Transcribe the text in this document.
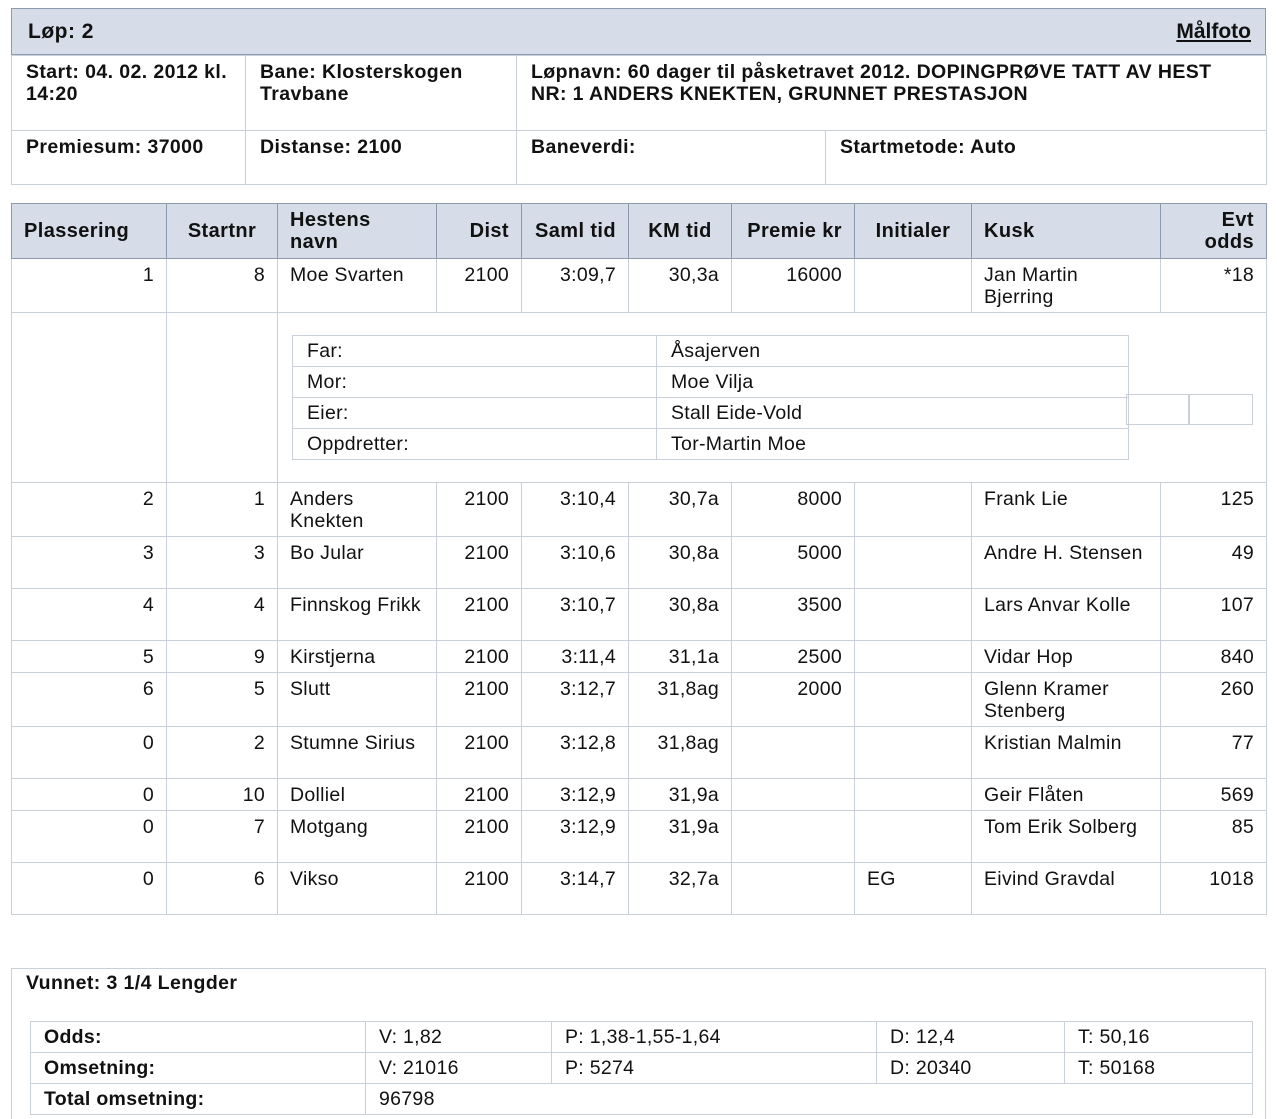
Løp: 2	Målfoto
Start: 04. 02. 2012 kl. 14:20	Bane: Klosterskogen Travbane	Løpnavn: 60 dager til påsketravet 2012. DOPINGPRØVE TATT AV HEST NR: 1 ANDERS KNEKTEN, GRUNNET PRESTASJON	
Premiesum: 37000	Distanse: 2100	Baneverdi:	Startmetode: Auto
Plassering	Startnr	Hestens navn	Dist	Saml tid	KM tid	Premie kr	Initialer	Kusk	Evt odds
1	8	Moe Svarten	2100	3:09,7	30,3a	16000		Jan Martin Bjerring	*18

Far:	Åsajerven
Mor:	Moe Vilja
Eier:	Stall Eide-Vold
Oppdretter:	Tor-Martin Moe

2	1	Anders Knekten	2100	3:10,4	30,7a	8000		Frank Lie	125
3	3	Bo Jular	2100	3:10,6	30,8a	5000		Andre H. Stensen	49
4	4	Finnskog Frikk	2100	3:10,7	30,8a	3500		Lars Anvar Kolle	107
5	9	Kirstjerna	2100	3:11,4	31,1a	2500		Vidar Hop	840
6	5	Slutt	2100	3:12,7	31,8ag	2000		Glenn Kramer Stenberg	260
0	2	Stumne Sirius	2100	3:12,8	31,8ag			Kristian Malmin	77
0	10	Dolliel	2100	3:12,9	31,9a			Geir Flåten	569
0	7	Motgang	2100	3:12,9	31,9a			Tom Erik Solberg	85
0	6	Vikso	2100	3:14,7	32,7a		EG	Eivind Gravdal	1018
Vunnet: 3 1/4 Lengder
Odds:	V: 1,82	P: 1,38-1,55-1,64	D: 12,4	T: 50,16
Omsetning:	V: 21016	P: 5274	D: 20340	T: 50168
Total omsetning:	96798			
